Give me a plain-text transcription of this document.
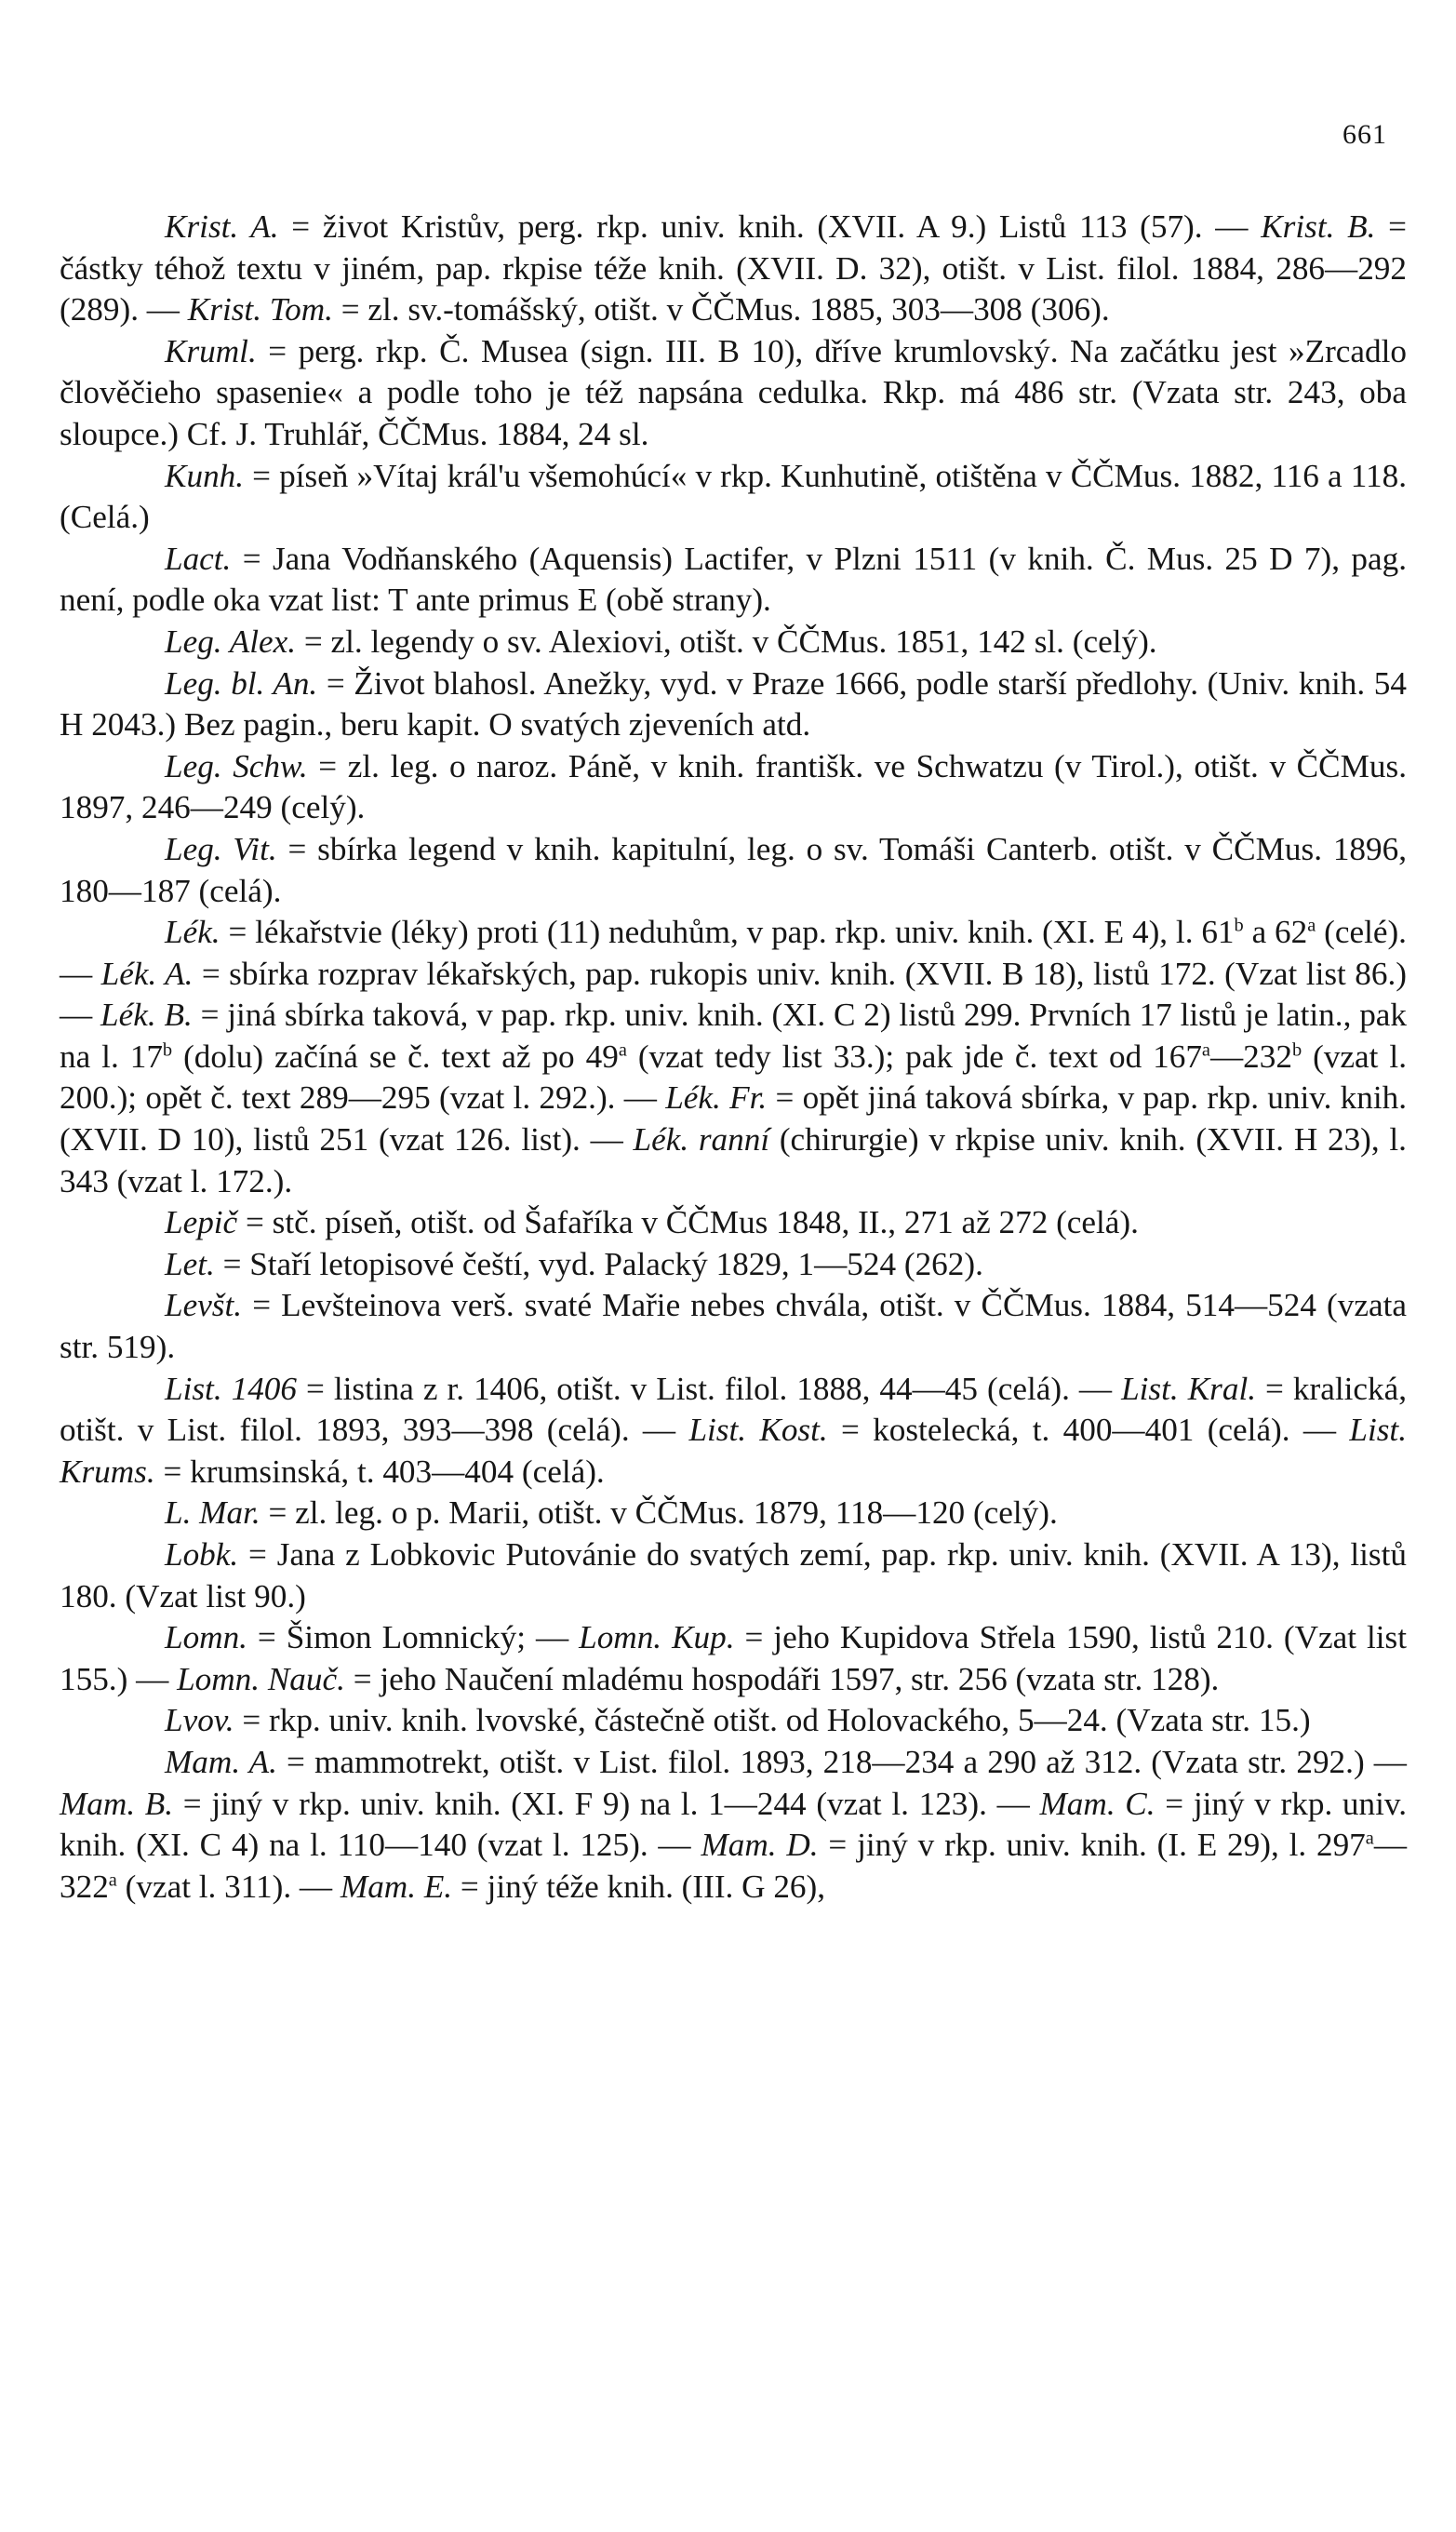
661

Krist. A. = život Kristův, perg. rkp. univ. knih. (XVII. A 9.) Listů 113 (57). — Krist. B. = částky téhož textu v jiném, pap. rkpise téže knih. (XVII. D. 32), otišt. v List. filol. 1884, 286—292 (289). — Krist. Tom. = zl. sv.-tomášský, otišt. v ČČMus. 1885, 303—308 (306).

Kruml. = perg. rkp. Č. Musea (sign. III. B 10), dříve krumlovský. Na začátku jest »Zrcadlo člověčieho spasenie« a podle toho je též napsána cedulka. Rkp. má 486 str. (Vzata str. 243, oba sloupce.) Cf. J. Truhlář, ČČMus. 1884, 24 sl.

Kunh. = píseň »Vítaj král'u všemohúcí« v rkp. Kunhutině, otištěna v ČČMus. 1882, 116 a 118. (Celá.)

Lact. = Jana Vodňanského (Aquensis) Lactifer, v Plzni 1511 (v knih. Č. Mus. 25 D 7), pag. není, podle oka vzat list: T ante primus E (obě strany).

Leg. Alex. = zl. legendy o sv. Alexiovi, otišt. v ČČMus. 1851, 142 sl. (celý).

Leg. bl. An. = Život blahosl. Anežky, vyd. v Praze 1666, podle starší předlohy. (Univ. knih. 54 H 2043.) Bez pagin., beru kapit. O svatých zjeveních atd.

Leg. Schw. = zl. leg. o naroz. Páně, v knih. františk. ve Schwatzu (v Tirol.), otišt. v ČČMus. 1897, 246—249 (celý).

Leg. Vit. = sbírka legend v knih. kapitulní, leg. o sv. Tomáši Canterb. otišt. v ČČMus. 1896, 180—187 (celá).

Lék. = lékařstvie (léky) proti (11) neduhům, v pap. rkp. univ. knih. (XI. E 4), l. 61$^b$ a 62$^a$ (celé). — Lék. A. = sbírka rozprav lékařských, pap. rukopis univ. knih. (XVII. B 18), listů 172. (Vzat list 86.) — Lék. B. = jiná sbírka taková, v pap. rkp. univ. knih. (XI. C 2) listů 299. Prvních 17 listů je latin., pak na l. 17$^b$ (dolu) začíná se č. text až po 49$^a$ (vzat tedy list 33.); pak jde č. text od 167$^a$—232$^b$ (vzat l. 200.); opět č. text 289—295 (vzat l. 292.). — Lék. Fr. = opět jiná taková sbírka, v pap. rkp. univ. knih. (XVII. D 10), listů 251 (vzat 126. list). — Lék. ranní (chirurgie) v rkpise univ. knih. (XVII. H 23), l. 343 (vzat l. 172.).

Lepič = stč. píseň, otišt. od Šafaříka v ČČMus 1848, II., 271 až 272 (celá).

Let. = Staří letopisové čeští, vyd. Palacký 1829, 1—524 (262).

Levšt. = Levšteinova verš. svaté Mařie nebes chvála, otišt. v ČČMus. 1884, 514—524 (vzata str. 519).

List. 1406 = listina z r. 1406, otišt. v List. filol. 1888, 44—45 (celá). — List. Kral. = kralická, otišt. v List. filol. 1893, 393—398 (celá). — List. Kost. = kostelecká, t. 400—401 (celá). — List. Krums. = krumsinská, t. 403—404 (celá).

L. Mar. = zl. leg. o p. Marii, otišt. v ČČMus. 1879, 118—120 (celý).

Lobk. = Jana z Lobkovic Putovánie do svatých zemí, pap. rkp. univ. knih. (XVII. A 13), listů 180. (Vzat list 90.)

Lomn. = Šimon Lomnický; — Lomn. Kup. = jeho Kupidova Střela 1590, listů 210. (Vzat list 155.) — Lomn. Nauč. = jeho Naučení mladému hospodáři 1597, str. 256 (vzata str. 128).

Lvov. = rkp. univ. knih. lvovské, částečně otišt. od Holovackého, 5—24. (Vzata str. 15.)

Mam. A. = mammotrekt, otišt. v List. filol. 1893, 218—234 a 290 až 312. (Vzata str. 292.) — Mam. B. = jiný v rkp. univ. knih. (XI. F 9) na l. 1—244 (vzat l. 123). — Mam. C. = jiný v rkp. univ. knih. (XI. C 4) na l. 110—140 (vzat l. 125). — Mam. D. = jiný v rkp. univ. knih. (I. E 29), l. 297$^a$—322$^a$ (vzat l. 311). — Mam. E. = jiný téže knih. (III. G 26),
